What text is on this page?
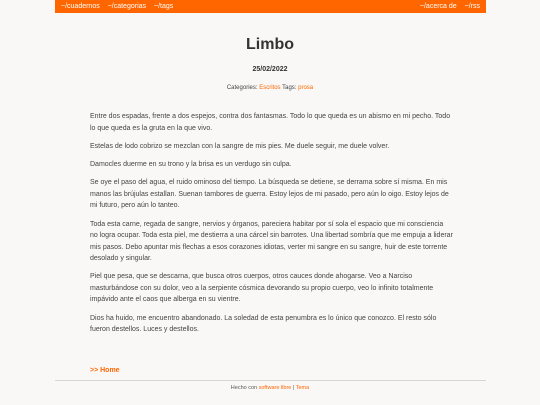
~/cuadernos ~/categorias ~/tags	~/acerca de ~/rss
Limbo
25/02/2022
Categories: Escritos Tags: prosa

Entre dos espadas, frente a dos espejos, contra dos fantasmas. Todo lo que queda es un abismo en mi pecho. Todo lo que queda es la gruta en la que vivo.

Estelas de lodo cobrizo se mezclan con la sangre de mis pies. Me duele seguir, me duele volver.

Damocles duerme en su trono y la brisa es un verdugo sin culpa.

Se oye el paso del agua, el ruido ominoso del tiempo. La búsqueda se detiene, se derrama sobre sí misma. En mis manos las brújulas estallan. Suenan tambores de guerra. Estoy lejos de mi pasado, pero aún lo oigo. Estoy lejos de mi futuro, pero aún lo tanteo.

Toda esta carne, regada de sangre, nervios y órganos, pareciera habitar por sí sola el espacio que mi consciencia no logra ocupar. Toda esta piel, me destierra a una cárcel sin barrotes. Una libertad sombría que me empuja a liderar mis pasos. Debo apuntar mis flechas a esos corazones idiotas, verter mi sangre en su sangre, huir de este torrente desolado y singular.

Piel que pesa, que se descarna, que busca otros cuerpos, otros cauces donde ahogarse. Veo a Narciso masturbándose con su dolor, veo a la serpiente cósmica devorando su propio cuerpo, veo lo infinito totalmente impávido ante el caos que alberga en su vientre.

Dios ha huido, me encuentro abandonado. La soledad de esta penumbra es lo único que conozco. El resto sólo fueron destellos. Luces y destellos.

>> Home
Hecho con software libre | Tema
